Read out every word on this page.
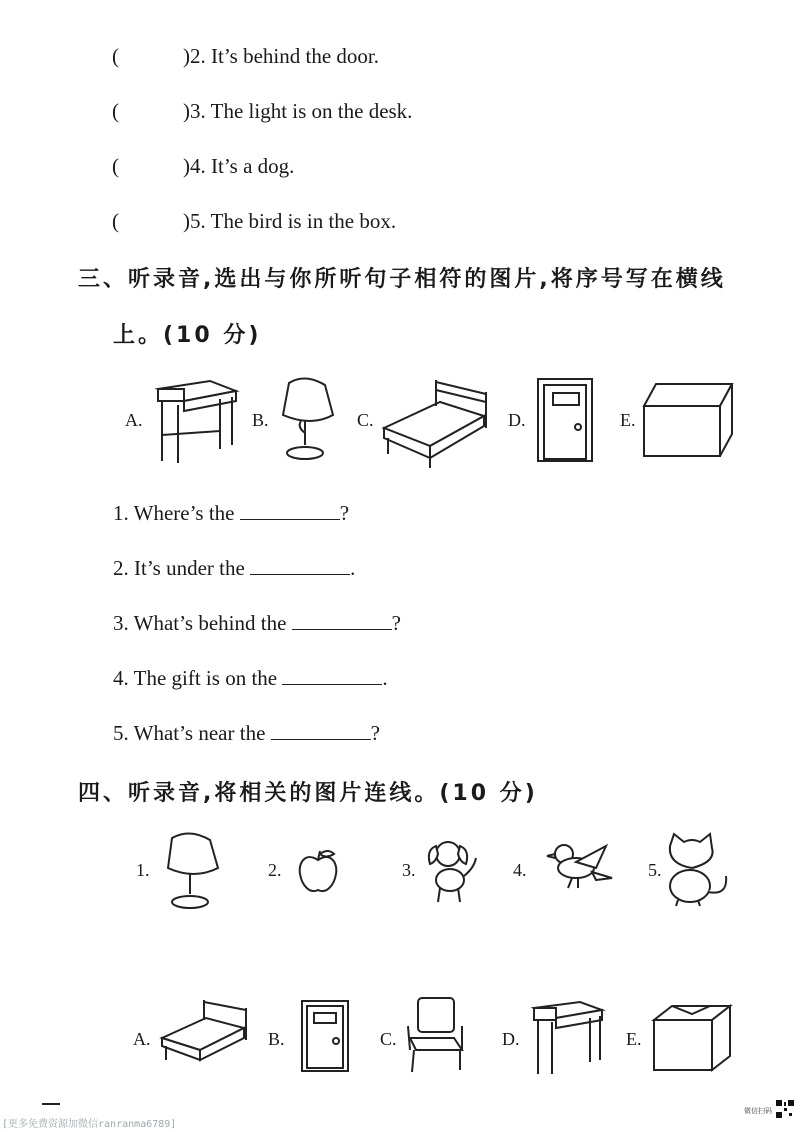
(	)2. It’s behind the door.
(	)3. The light is on the desk.
(	)4. It’s a dog.
(	)5. The bird is in the box.
三、听录音,选出与你所听句子相符的图片,将序号写在横线
上。(10 分)
A.	B.	C.	D.	E.
1. Where’s the	?
2. It’s under the	.
3. What’s behind the	?
4. The gift is on the	.
5. What’s near the	?
四、听录音,将相关的图片连线。(10 分)
1.	2.	3.	4.	5.
A.	B.	C.	D.	E.
[更多免费资源加微信ranranma6789]
微信扫码
